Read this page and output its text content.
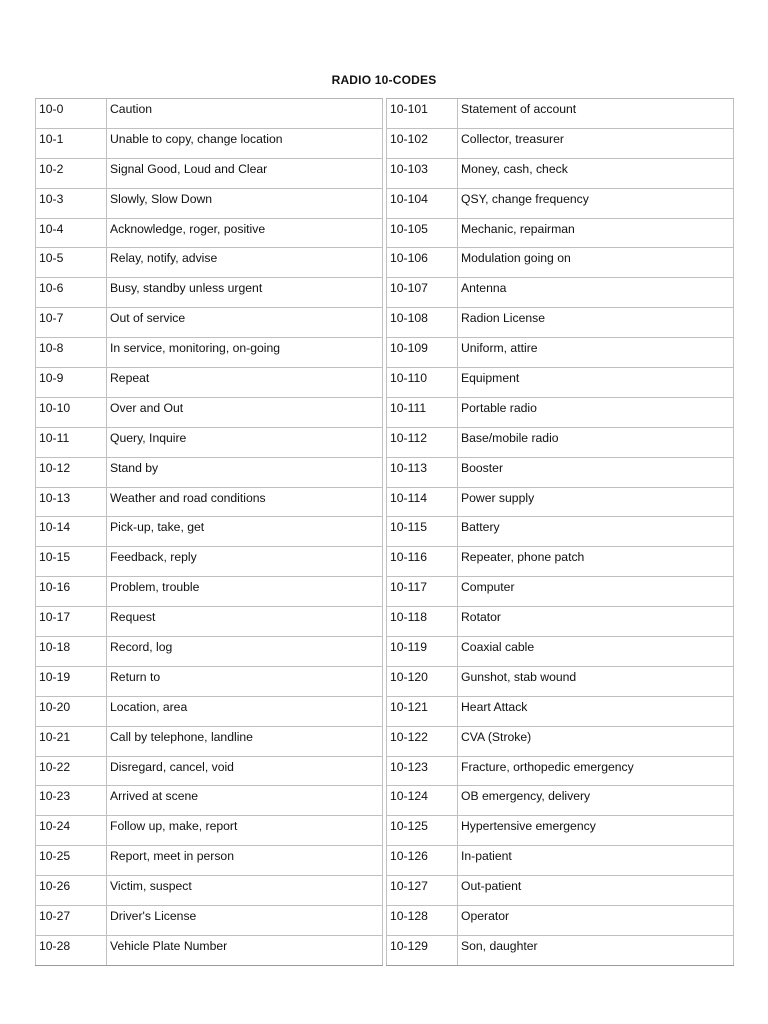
RADIO 10-CODES
10-0	Caution
10-1	Unable to copy, change location
10-2	Signal Good, Loud and Clear
10-3	Slowly, Slow Down
10-4	Acknowledge, roger, positive
10-5	Relay, notify, advise
10-6	Busy, standby unless urgent
10-7	Out of service
10-8	In service, monitoring, on-going
10-9	Repeat
10-10	Over and Out
10-11	Query, Inquire
10-12	Stand by
10-13	Weather and road conditions
10-14	Pick-up, take, get
10-15	Feedback, reply
10-16	Problem, trouble
10-17	Request
10-18	Record, log
10-19	Return to
10-20	Location, area
10-21	Call by telephone, landline
10-22	Disregard, cancel, void
10-23	Arrived at scene
10-24	Follow up, make, report
10-25	Report, meet in person
10-26	Victim, suspect
10-27	Driver's License
10-28	Vehicle Plate Number
10-101	Statement of account
10-102	Collector, treasurer
10-103	Money, cash, check
10-104	QSY, change frequency
10-105	Mechanic, repairman
10-106	Modulation going on
10-107	Antenna
10-108	Radion License
10-109	Uniform, attire
10-110	Equipment
10-111	Portable radio
10-112	Base/mobile radio
10-113	Booster
10-114	Power supply
10-115	Battery
10-116	Repeater, phone patch
10-117	Computer
10-118	Rotator
10-119	Coaxial cable
10-120	Gunshot, stab wound
10-121	Heart Attack
10-122	CVA (Stroke)
10-123	Fracture, orthopedic emergency
10-124	OB emergency, delivery
10-125	Hypertensive emergency
10-126	In-patient
10-127	Out-patient
10-128	Operator
10-129	Son, daughter
